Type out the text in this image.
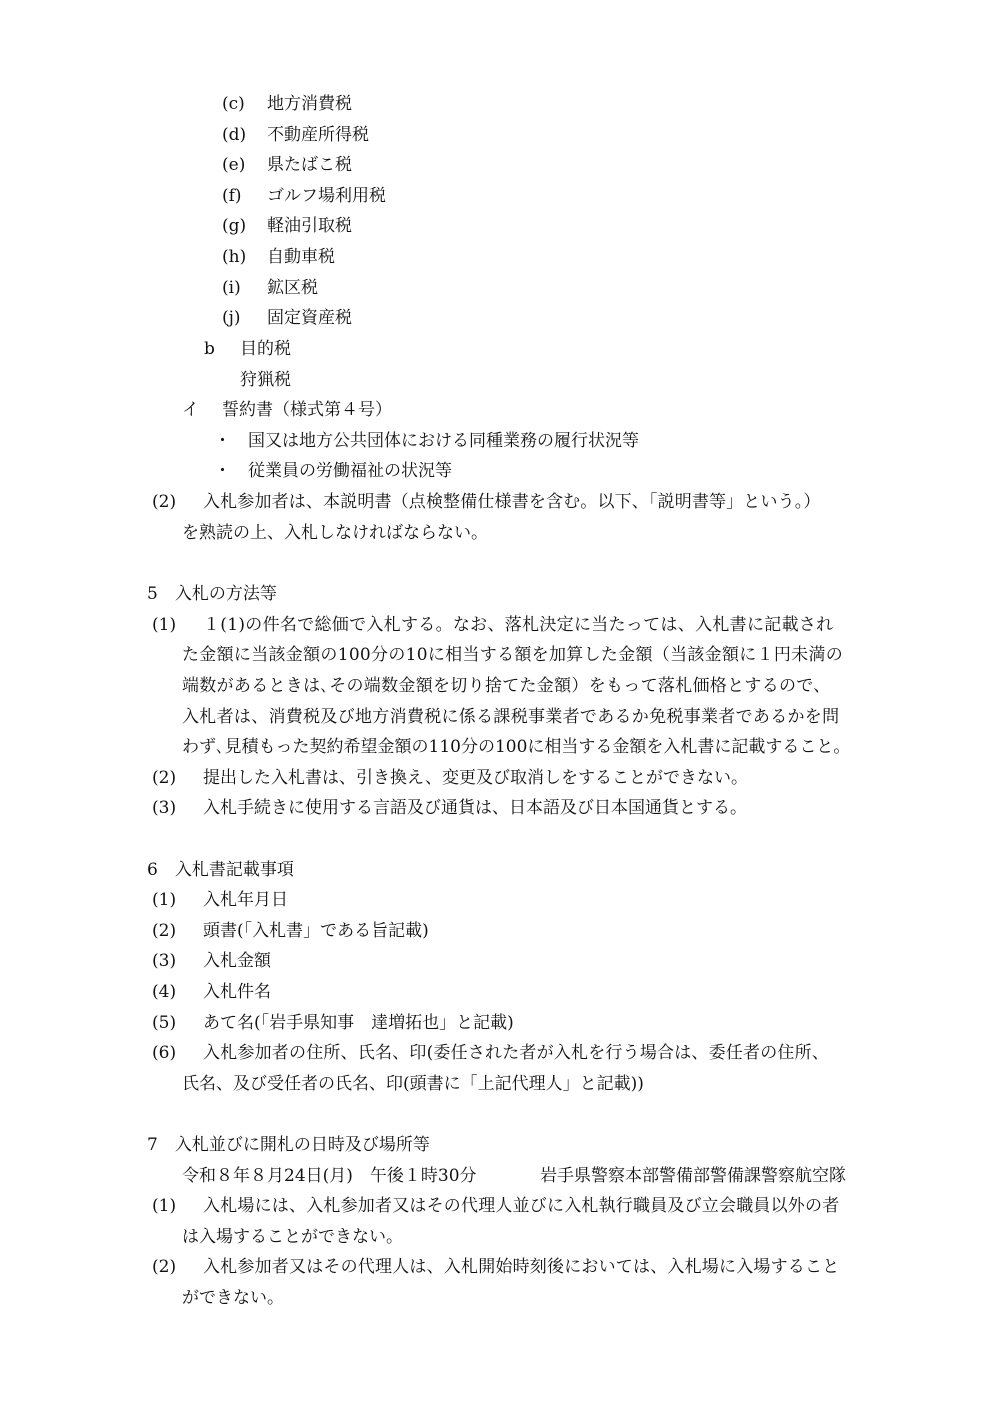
(c) 地方消費税
(d) 不動産所得税
(e) 県たばこ税
(f) ゴルフ場利用税
(g) 軽油引取税
(h) 自動車税
(i) 鉱区税
(j) 固定資産税
b 目的税
狩猟税
イ 誓約書（様式第４号）
・　国又は地方公共団体における同種業務の履行状況等
・　従業員の労働福祉の状況等
(2) 入札参加者は、本説明書（点検整備仕様書を含む。以下、「説明書等」という。）
を熟読の上、入札しなければならない。
5　入札の方法等
(1) １(1)の件名で総価で入札する。なお、落札決定に当たっては、入札書に記載され
た金額に当該金額の100分の10に相当する額を加算した金額（当該金額に１円未満の
端数があるときは､その端数金額を切り捨てた金額）をもって落札価格とするので、
入札者は、消費税及び地方消費税に係る課税事業者であるか免税事業者であるかを問
わず､見積もった契約希望金額の110分の100に相当する金額を入札書に記載すること。
(2) 提出した入札書は、引き換え、変更及び取消しをすることができない。
(3) 入札手続きに使用する言語及び通貨は、日本語及び日本国通貨とする。
6　入札書記載事項
(1) 入札年月日
(2) 頭書(「入札書」である旨記載)
(3) 入札金額
(4) 入札件名
(5) あて名(「岩手県知事　達増拓也」と記載)
(6) 入札参加者の住所、氏名、印(委任された者が入札を行う場合は、委任者の住所、
氏名、及び受任者の氏名、印(頭書に「上記代理人」と記載))
7　入札並びに開札の日時及び場所等
令和８年８月24日(月)　午後１時30分	岩手県警察本部警備部警備課警察航空隊
(1) 入札場には、入札参加者又はその代理人並びに入札執行職員及び立会職員以外の者
は入場することができない。
(2) 入札参加者又はその代理人は、入札開始時刻後においては、入札場に入場すること
ができない。
